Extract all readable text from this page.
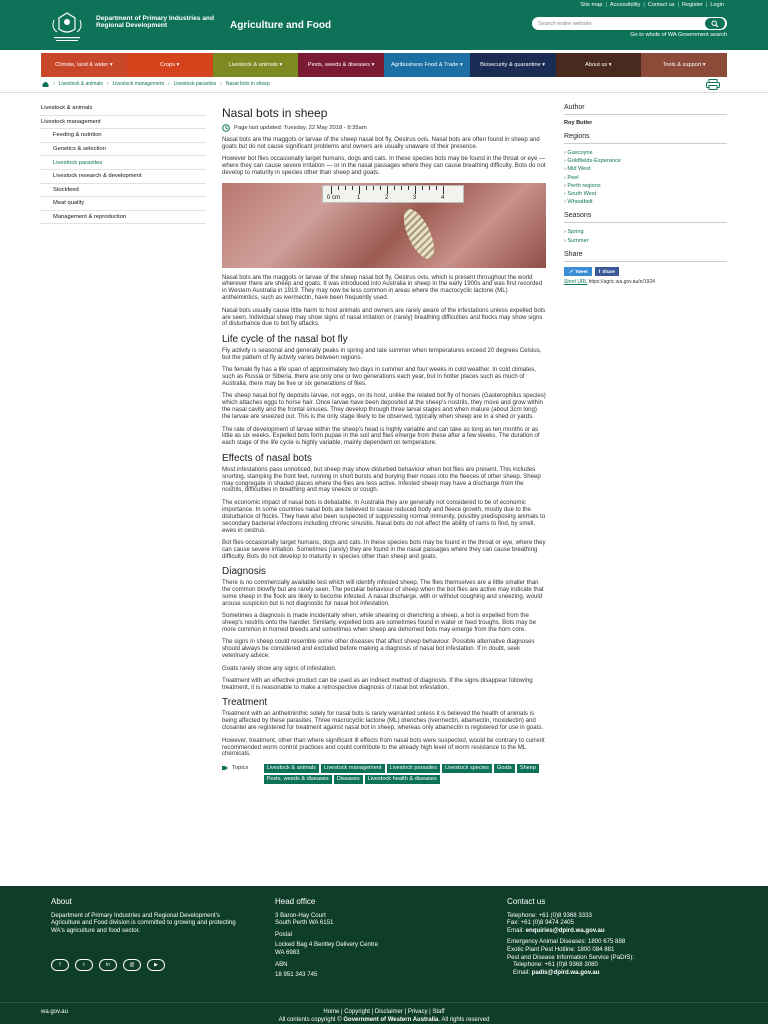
Department of Primary Industries and Regional Development	Agriculture and Food
Site map | Accessibility | Contact us | Register | Login
Search entire website
Go to whole of WA Government search
Climate, land & water ▾	Crops ▾	Livestock & animals ▾	Pests, weeds & diseases ▾	Agribusiness Food & Trade ▾	Biosecurity & quarantine ▾	About us ▾	Tools & support ▾
› Livestock & animals › Livestock management › Livestock parasites › Nasal bots in sheep
Livestock & animals
Livestock management
Feeding & nutrition
Genetics & selection
Livestock parasites
Livestock research & development
Stockfeed
Meat quality
Management & reproduction
Nasal bots in sheep
Page last updated: Tuesday, 22 May 2018 - 8:35am

Nasal bots are the maggots or larvae of the sheep nasal bot fly, Oestrus ovis. Nasal bots are often found in sheep and goats but do not cause significant problems and owners are usually unaware of their presence.

However bot flies occasionally target humans, dogs and cats. In these species bots may be found in the throat or eye — where they can cause severe irritation — or in the nasal passages where they can cause breathing difficulty. Bots do not develop to maturity in species other than sheep and goats.

0 cm	1	2	3	4

Nasal bots are the maggots or larvae of the sheep nasal bot fly, Oestrus ovis, which is present throughout the world wherever there are sheep and goats. It was introduced into Australia in sheep in the early 1900s and was first recorded in Western Australia in 1919. They may now be less common in areas where the macrocyclic lactone (ML) anthelmintics, such as ivermectin, have been frequently used.

Nasal bots usually cause little harm to host animals and owners are rarely aware of the infestations unless expelled bots are seen. Individual sheep may show signs of nasal irritation or (rarely) breathing difficulties and flocks may show signs of disturbance due to bot fly attacks.

Life cycle of the nasal bot fly

Fly activity is seasonal and generally peaks in spring and late summer when temperatures exceed 20 degrees Celsius, but the pattern of fly activity varies between regions.

The female fly has a life span of approximately two days in summer and four weeks in cold weather. In cold climates, such as Russia or Siberia, there are only one or two generations each year, but in hotter places such as much of Australia, there may be five or six generations of flies.

The sheep nasal bot fly deposits larvae, not eggs, on its host, unlike the related bot fly of horses (Gasterophilus species) which attaches eggs to horse hair. Once larvae have been deposited at the sheep's nostrils, they move and grow within the nasal cavity and the frontal sinuses. They develop through three larval stages and when mature (about 3cm long) the larvae are sneezed out. This is the only stage likely to be observed, typically when sheep are in a shed or yards.

The rate of development of larvae within the sheep's head is highly variable and can take as long as ten months or as little as six weeks. Expelled bots form pupae in the soil and flies emerge from these after a few weeks. The duration of each stage of the life cycle is highly variable, mainly dependent on temperature.

Effects of nasal bots

Most infestations pass unnoticed, but sheep may show disturbed behaviour when bot flies are present. This includes snorting, stamping the front feet, running in short bursts and burying their noses into the fleeces of other sheep. Sheep may congregate in shaded places where the flies are less active. Infested sheep may have a discharge from the nostrils, difficulties in breathing and may sneeze or cough.

The economic impact of nasal bots is debatable. In Australia they are generally not considered to be of economic importance. In some countries nasal bots are believed to cause reduced body and fleece growth, mostly due to the disturbance of flocks. They have also been suspected of suppressing normal immunity, possibly predisposing animals to secondary bacterial infections including chronic sinusitis. Nasal bots do not affect the ability of rams to find, by smell, ewes in oestrus.

Bot flies occasionally target humans, dogs and cats. In these species bots may be found in the throat or eye, where they can cause severe irritation. Sometimes (rarely) they are found in the nasal passages where they can cause breathing difficulty. Bots do not develop to maturity in species other than sheep and goats.

Diagnosis

There is no commercially available test which will identify infested sheep. The flies themselves are a little smaller than the common blowfly but are rarely seen. The peculiar behaviour of sheep when the bot flies are active may indicate that some sheep in the flock are likely to become infested. A nasal discharge, with or without coughing and sneezing, would arouse suspicion but is not diagnostic for nasal bot infestation.

Sometimes a diagnosis is made incidentally when, while shearing or drenching a sheep, a bot is expelled from the sheep's nostrils onto the handler. Similarly, expelled bots are sometimes found in water or feed troughs. Bots may be more common in horned breeds and sometimes when sheep are dehorned bots may emerge from the horn core.

The signs in sheep could resemble some other diseases that affect sheep behaviour. Possible alternative diagnoses should always be considered and excluded before making a diagnosis of nasal bot infestation. If in doubt, seek veterinary advice.

Goats rarely show any signs of infestation.

Treatment with an effective product can be used as an indirect method of diagnosis. If the signs disappear following treatment, it is reasonable to make a retrospective diagnosis of nasal bot infestation.

Treatment

Treatment with an anthelminthic solely for nasal bots is rarely warranted unless it is believed the health of animals is being affected by these parasites. Three macrocyclic lactone (ML) drenches (ivermectin, abamectin, moxidectin) and closantel are registered for treatment against nasal bot in sheep, whereas only abamectin is registered for use in goats.

However, treatment, other than where significant ill effects from nasal bots were suspected, would be contrary to current recommended worm control practices and could contribute to the already high level of worm resistance to the ML chemicals.

Topics	Livestock & animals	Livestock management	Livestock parasites	Livestock species	Goats	Sheep
Pests, weeds & diseases	Diseases	Livestock health & diseases
Author
Roy Butler
Regions
› Gascoyne
› Goldfields-Esperance
› Mid West
› Peel
› Perth regions
› South West
› Wheatbelt
Seasons
› Spring
› Summer
Share
Tweet f Share
Short URL https://agric.wa.gov.au/n/1924
About
Department of Primary Industries and Regional Development's Agriculture and Food division is committed to growing and protecting WA's agriculture and food sector.
f	t	in	@	▶
Head office
3 Baron-Hay Court
South Perth WA 6151
Postal
Locked Bag 4 Bentley Delivery Centre
WA 6983
ABN
18 951 343 745
Contact us
Telephone: +61 (0)8 9368 3333
Fax: +61 (0)8 9474 2405
Email: enquiries@dpird.wa.gov.au
Emergency Animal Diseases: 1800 675 888
Exotic Plant Pest Hotline: 1800 084 881
Pest and Disease Information Service (PaDIS):
Telephone: +61 (0)8 9368 3080
Email: padis@dpird.wa.gov.au
Home | Copyright | Disclaimer | Privacy | Staff
All contents copyright © Government of Western Australia. All rights reserved
wa.gov.au
